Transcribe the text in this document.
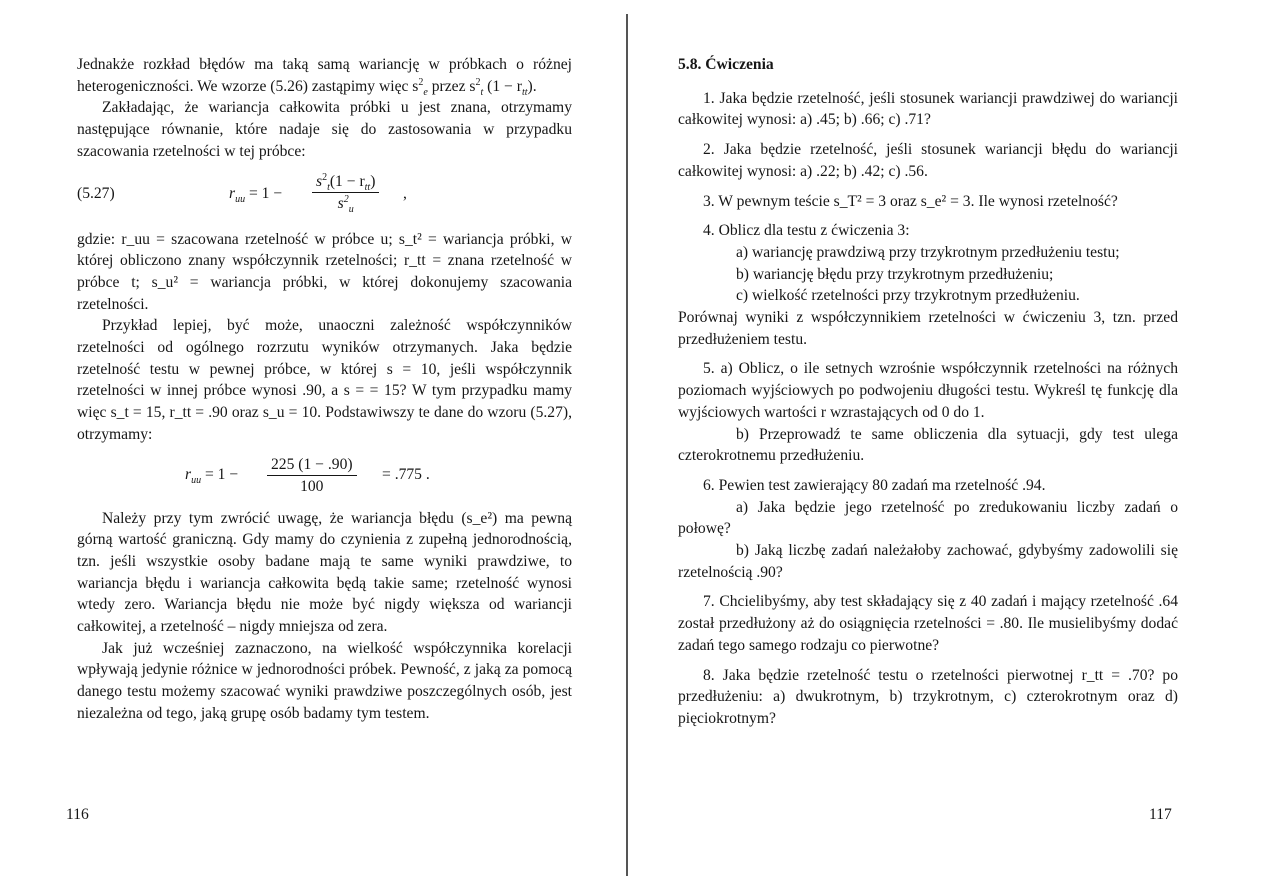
Jednakże rozkład błędów ma taką samą wariancję w próbkach o różnej heterogeniczności. We wzorze (5.26) zastąpimy więc $s^2_e$ przez $s^2_t$ $(1 - r_{tt})$.

Zakładając, że wariancja całkowita próbki u jest znana, otrzymamy następujące równanie, które nadaje się do zastosowania w przypadku szacowania rzetelności w tej próbce:

(5.27)	$r_{uu} = 1$ −
$s^2_t(1 - r_{tt})$
$s^2_u$
,

gdzie: r_uu = szacowana rzetelność w próbce u; s_t² = wariancja próbki, w której obliczono znany współczynnik rzetelności; r_tt = znana rzetelność w próbce t; s_u² = wariancja próbki, w której dokonujemy szacowania rzetelności.

Przykład lepiej, być może, unaoczni zależność współczynników rzetelności od ogólnego rozrzutu wyników otrzymanych. Jaka będzie rzetelność testu w pewnej próbce, w której s = 10, jeśli współczynnik rzetelności w innej próbce wynosi .90, a s = = 15? W tym przypadku mamy więc s_t = 15, r_tt = .90 oraz s_u = 10. Podstawiwszy te dane do wzoru (5.27), otrzymamy:

$r_{uu} = 1 - \frac{225 (1 - .90)}{100} = .775$ .

Należy przy tym zwrócić uwagę, że wariancja błędu (s_e²) ma pewną górną wartość graniczną. Gdy mamy do czynienia z zupełną jednorodnością, tzn. jeśli wszystkie osoby badane mają te same wyniki prawdziwe, to wariancja błędu i wariancja całkowita będą takie same; rzetelność wynosi wtedy zero. Wariancja błędu nie może być nigdy większa od wariancji całkowitej, a rzetelność – nigdy mniejsza od zera.

Jak już wcześniej zaznaczono, na wielkość współczynnika korelacji wpływają jedynie różnice w jednorodności próbek. Pewność, z jaką za pomocą danego testu możemy szacować wyniki prawdziwe poszczególnych osób, jest niezależna od tego, jaką grupę osób badamy tym testem.

116

5.8. Ćwiczenia

1. Jaka będzie rzetelność, jeśli stosunek wariancji prawdziwej do wariancji całkowitej wynosi: a) .45; b) .66; c) .71?

2. Jaka będzie rzetelność, jeśli stosunek wariancji błędu do wariancji całkowitej wynosi: a) .22; b) .42; c) .56.

3. W pewnym teście s_T² = 3 oraz s_e² = 3. Ile wynosi rzetelność?

4. Oblicz dla testu z ćwiczenia 3:

a) wariancję prawdziwą przy trzykrotnym przedłużeniu testu;

b) wariancję błędu przy trzykrotnym przedłużeniu;

c) wielkość rzetelności przy trzykrotnym przedłużeniu.

Porównaj wyniki z współczynnikiem rzetelności w ćwiczeniu 3, tzn. przed przedłużeniem testu.

5. a) Oblicz, o ile setnych wzrośnie współczynnik rzetelności na różnych poziomach wyjściowych po podwojeniu długości testu. Wykreśl tę funkcję dla wyjściowych wartości r wzrastających od 0 do 1.

b) Przeprowadź te same obliczenia dla sytuacji, gdy test ulega czterokrotnemu przedłużeniu.

6. Pewien test zawierający 80 zadań ma rzetelność .94.

a) Jaka będzie jego rzetelność po zredukowaniu liczby zadań o połowę?

b) Jaką liczbę zadań należałoby zachować, gdybyśmy zadowolili się rzetelnością .90?

7. Chcielibyśmy, aby test składający się z 40 zadań i mający rzetelność .64 został przedłużony aż do osiągnięcia rzetelności = .80. Ile musielibyśmy dodać zadań tego samego rodzaju co pierwotne?

8. Jaka będzie rzetelność testu o rzetelności pierwotnej r_tt = .70? po przedłużeniu: a) dwukrotnym, b) trzykrotnym, c) czterokrotnym oraz d) pięciokrotnym?

117
